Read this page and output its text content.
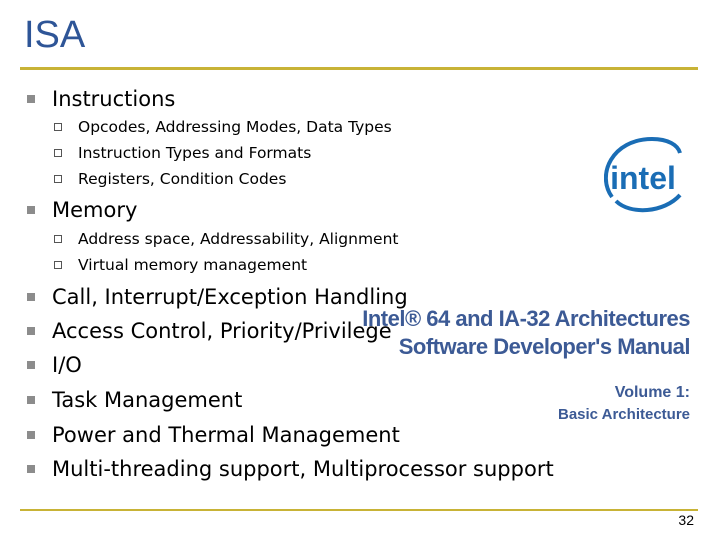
ISA
Instructions
Opcodes, Addressing Modes, Data Types
Instruction Types and Formats
Registers, Condition Codes
Memory
Address space, Addressability, Alignment
Virtual memory management
Call, Interrupt/Exception Handling
Access Control, Priority/Privilege
I/O
Task Management
Power and Thermal Management
Multi-threading support, Multiprocessor support
intel
Intel® 64 and IA-32 Architectures
Software Developer's Manual
Volume 1:
Basic Architecture
32
